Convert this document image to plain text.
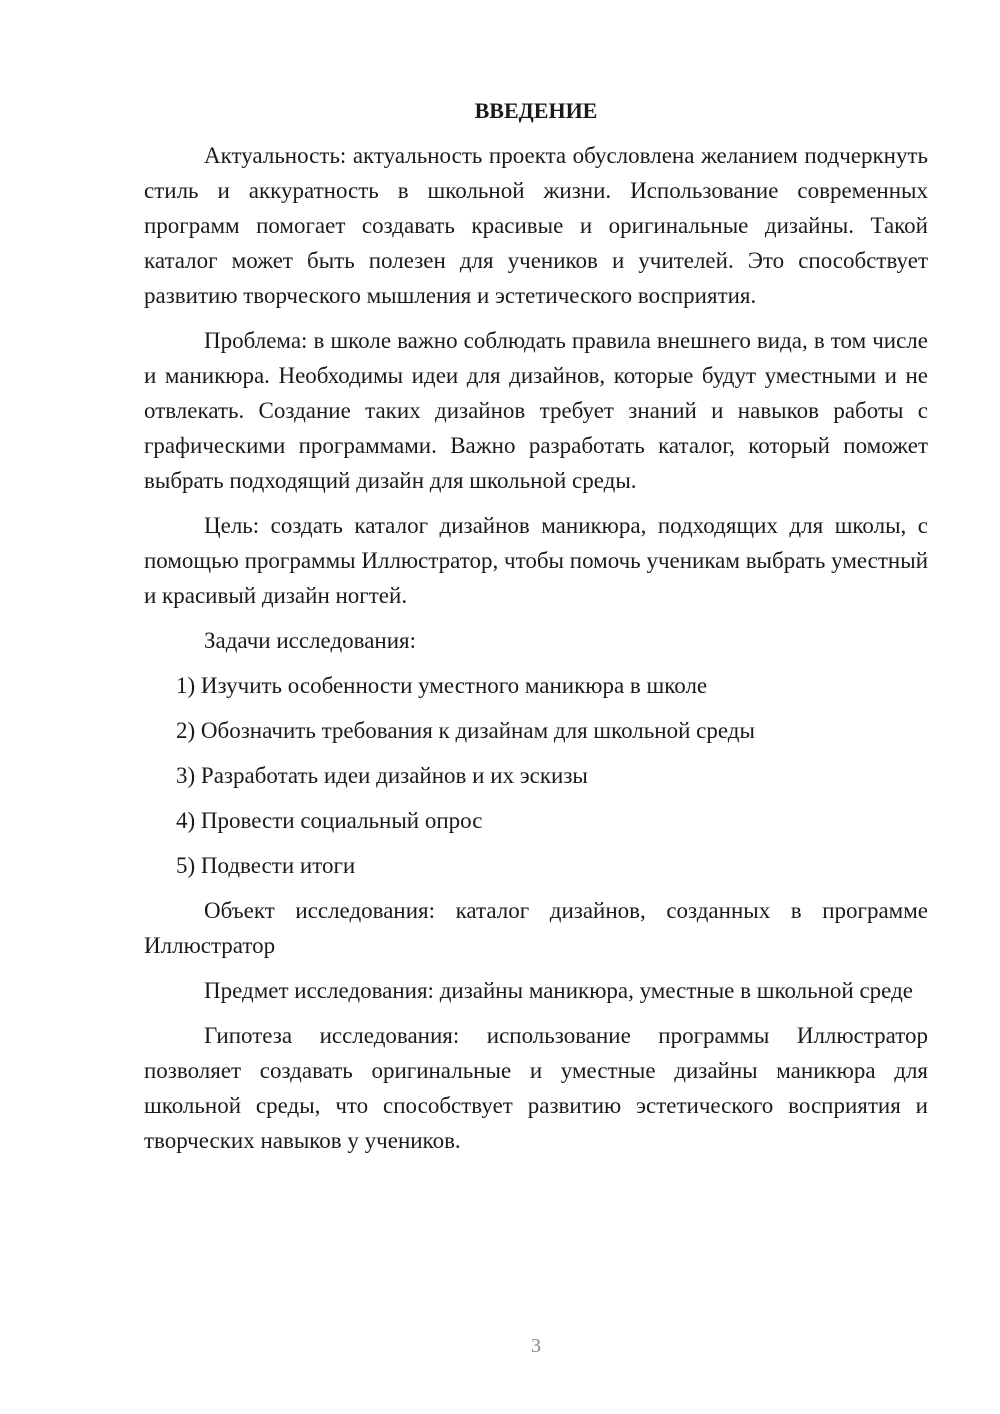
ВВЕДЕНИЕ

Актуальность: актуальность проекта обусловлена желанием подчеркнуть стиль и аккуратность в школьной жизни. Использование современных программ помогает создавать красивые и оригинальные дизайны. Такой каталог может быть полезен для учеников и учителей. Это способствует развитию творческого мышления и эстетического восприятия.

Проблема: в школе важно соблюдать правила внешнего вида, в том числе и маникюра. Необходимы идеи для дизайнов, которые будут уместными и не отвлекать. Создание таких дизайнов требует знаний и навыков работы с графическими программами. Важно разработать каталог, который поможет выбрать подходящий дизайн для школьной среды.

Цель: создать каталог дизайнов маникюра, подходящих для школы, с помощью программы Иллюстратор, чтобы помочь ученикам выбрать уместный и красивый дизайн ногтей.

Задачи исследования:

1) Изучить особенности уместного маникюра в школе
2) Обозначить требования к дизайнам для школьной среды
3) Разработать идеи дизайнов и их эскизы
4) Провести социальный опрос
5) Подвести итоги

Объект исследования: каталог дизайнов, созданных в программе Иллюстратор

Предмет исследования: дизайны маникюра, уместные в школьной среде

Гипотеза исследования: использование программы Иллюстратор позволяет создавать оригинальные и уместные дизайны маникюра для школьной среды, что способствует развитию эстетического восприятия и творческих навыков у учеников.

3
